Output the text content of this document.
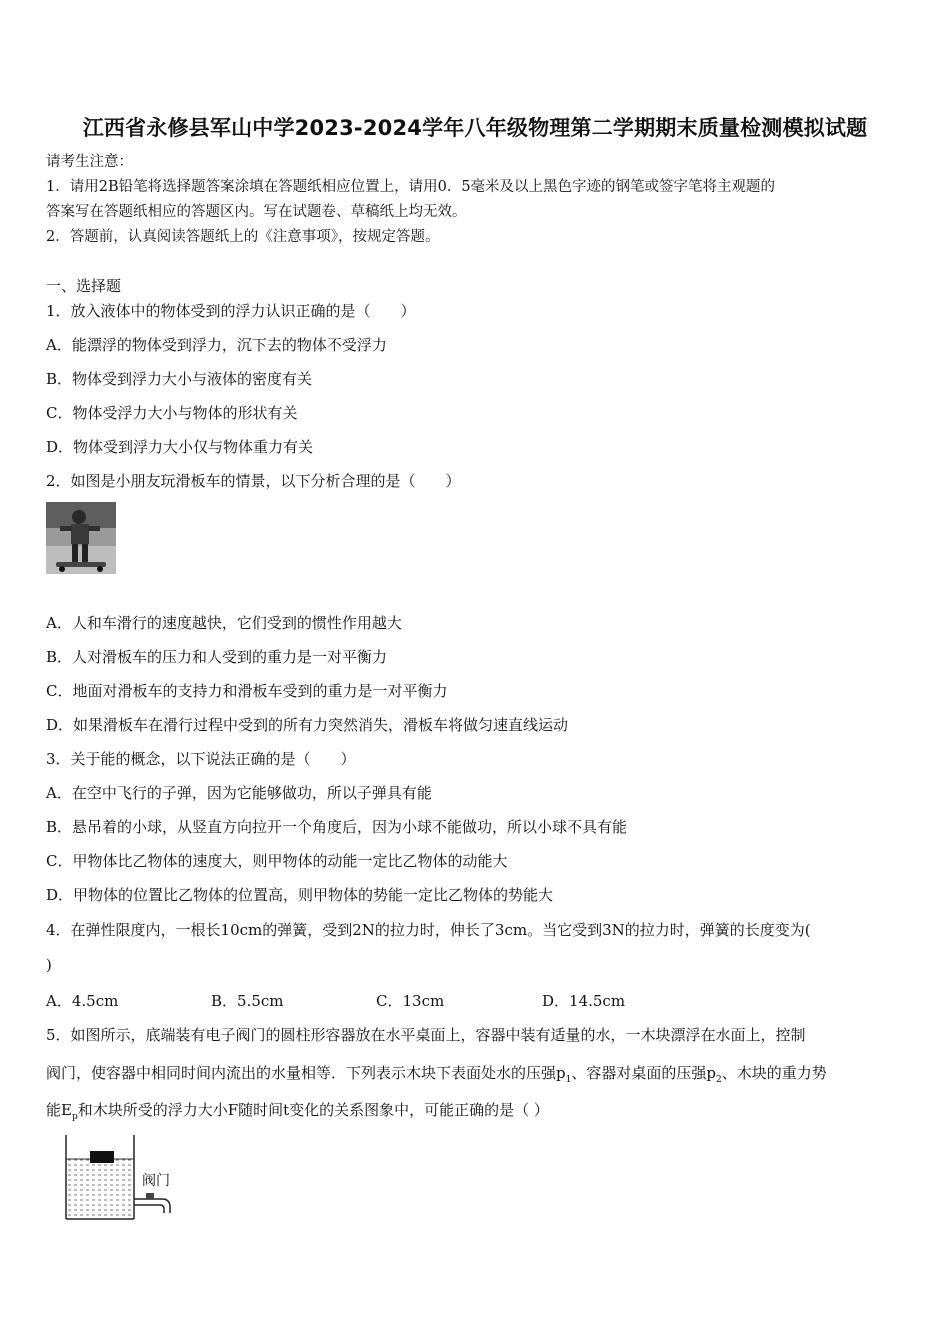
江西省永修县军山中学2023-2024学年八年级物理第二学期期末质量检测模拟试题
请考生注意：
1．请用2B铅笔将选择题答案涂填在答题纸相应位置上，请用0．5毫米及以上黑色字迹的钢笔或签字笔将主观题的
答案写在答题纸相应的答题区内。写在试题卷、草稿纸上均无效。
2．答题前，认真阅读答题纸上的《注意事项》，按规定答题。
一、选择题
1．放入液体中的物体受到的浮力认识正确的是（　　）
A．能漂浮的物体受到浮力，沉下去的物体不受浮力
B．物体受到浮力大小与液体的密度有关
C．物体受浮力大小与物体的形状有关
D．物体受到浮力大小仅与物体重力有关
2．如图是小朋友玩滑板车的情景，以下分析合理的是（　　）
A．人和车滑行的速度越快，它们受到的惯性作用越大
B．人对滑板车的压力和人受到的重力是一对平衡力
C．地面对滑板车的支持力和滑板车受到的重力是一对平衡力
D．如果滑板车在滑行过程中受到的所有力突然消失，滑板车将做匀速直线运动
3．关于能的概念，以下说法正确的是（　　）
A．在空中飞行的子弹，因为它能够做功，所以子弹具有能
B．悬吊着的小球，从竖直方向拉开一个角度后，因为小球不能做功，所以小球不具有能
C．甲物体比乙物体的速度大，则甲物体的动能一定比乙物体的动能大
D．甲物体的位置比乙物体的位置高，则甲物体的势能一定比乙物体的势能大
4．在弹性限度内，一根长10cm的弹簧，受到2N的拉力时，伸长了3cm。当它受到3N的拉力时，弹簧的长度变为(
)
A．4.5cm	B．5.5cm	C．13cm	D．14.5cm
5．如图所示，底端装有电子阀门的圆柱形容器放在水平桌面上，容器中装有适量的水，一木块漂浮在水面上，控制
阀门，使容器中相同时间内流出的水量相等．下列表示木块下表面处水的压强$p_1$、容器对桌面的压强$p_2$、木块的重力势
能$E_p$和木块所受的浮力大小F随时间t变化的关系图象中，可能正确的是（ ）
阀门
